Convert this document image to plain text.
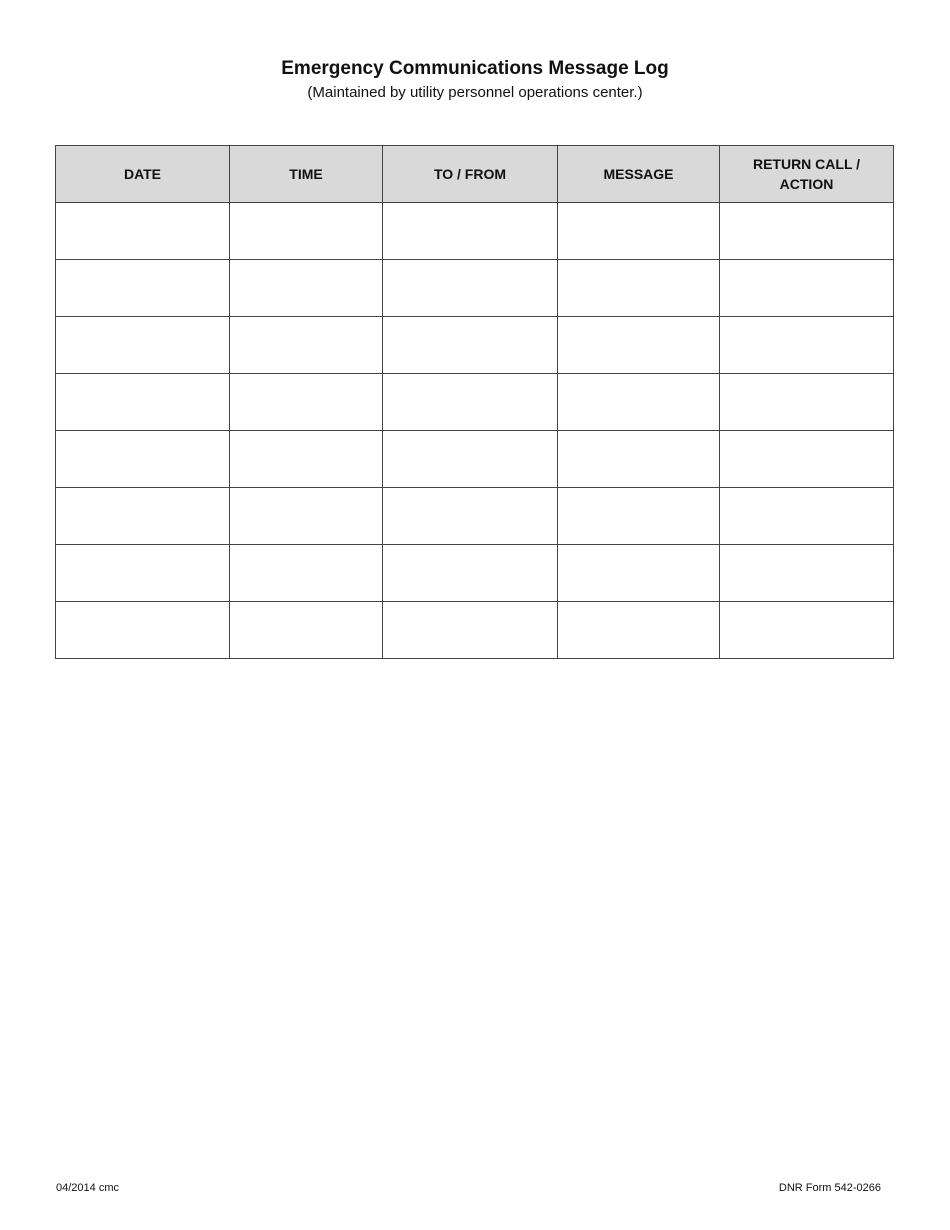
Emergency Communications Message Log
(Maintained by utility personnel operations center.)
DATE	TIME	TO / FROM	MESSAGE	RETURN CALL / ACTION

04/2014 cmc	DNR Form 542-0266
